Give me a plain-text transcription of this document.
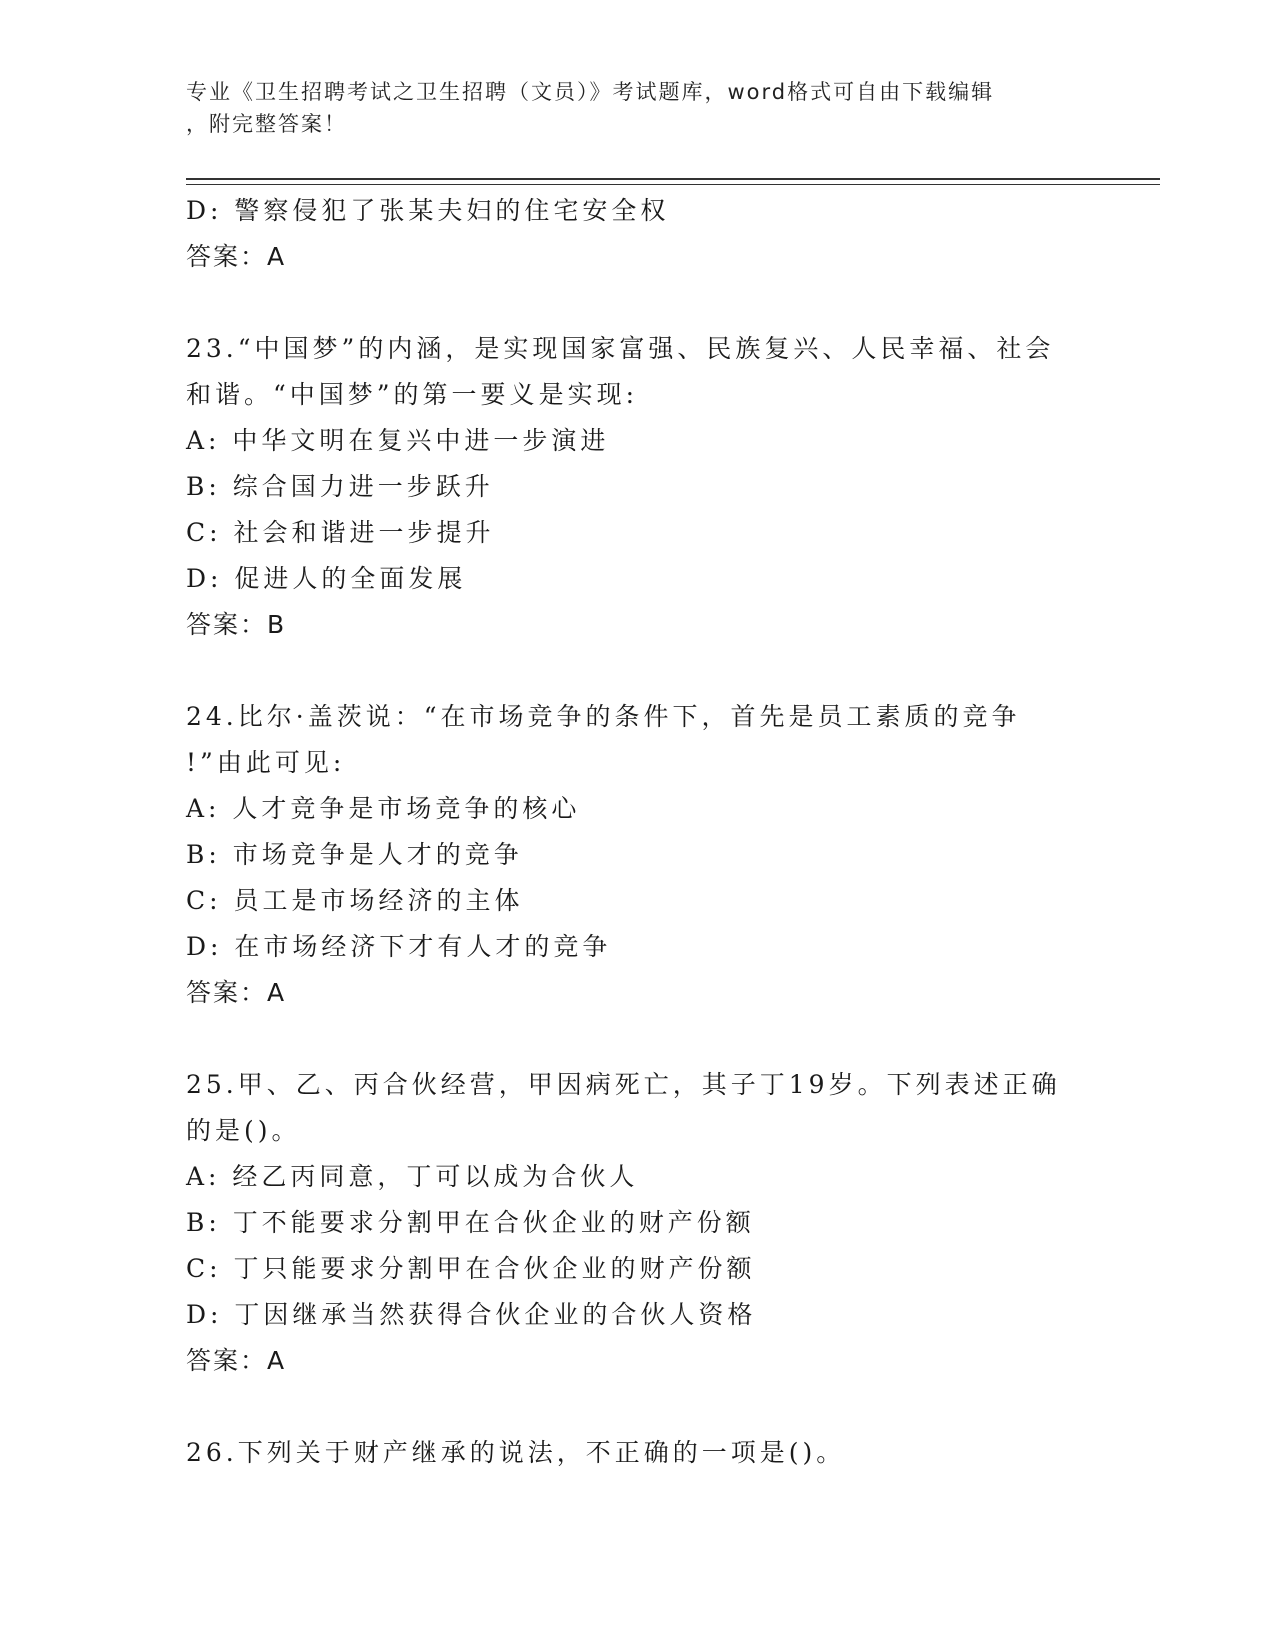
专业《卫生招聘考试之卫生招聘（文员）》考试题库，word格式可自由下载编辑
，附完整答案！
D: 警察侵犯了张某夫妇的住宅安全权
答案：A
23.“中国梦”的内涵，是实现国家富强、民族复兴、人民幸福、社会
和谐。“中国梦”的第一要义是实现:
A: 中华文明在复兴中进一步演进
B: 综合国力进一步跃升
C: 社会和谐进一步提升
D: 促进人的全面发展
答案：B
24.比尔·盖茨说：“在市场竞争的条件下，首先是员工素质的竞争
!”由此可见:
A: 人才竞争是市场竞争的核心
B: 市场竞争是人才的竞争
C: 员工是市场经济的主体
D: 在市场经济下才有人才的竞争
答案：A
25.甲、乙、丙合伙经营，甲因病死亡，其子丁19岁。下列表述正确
的是()。
A: 经乙丙同意，丁可以成为合伙人
B: 丁不能要求分割甲在合伙企业的财产份额
C: 丁只能要求分割甲在合伙企业的财产份额
D: 丁因继承当然获得合伙企业的合伙人资格
答案：A
26.下列关于财产继承的说法，不正确的一项是()。
